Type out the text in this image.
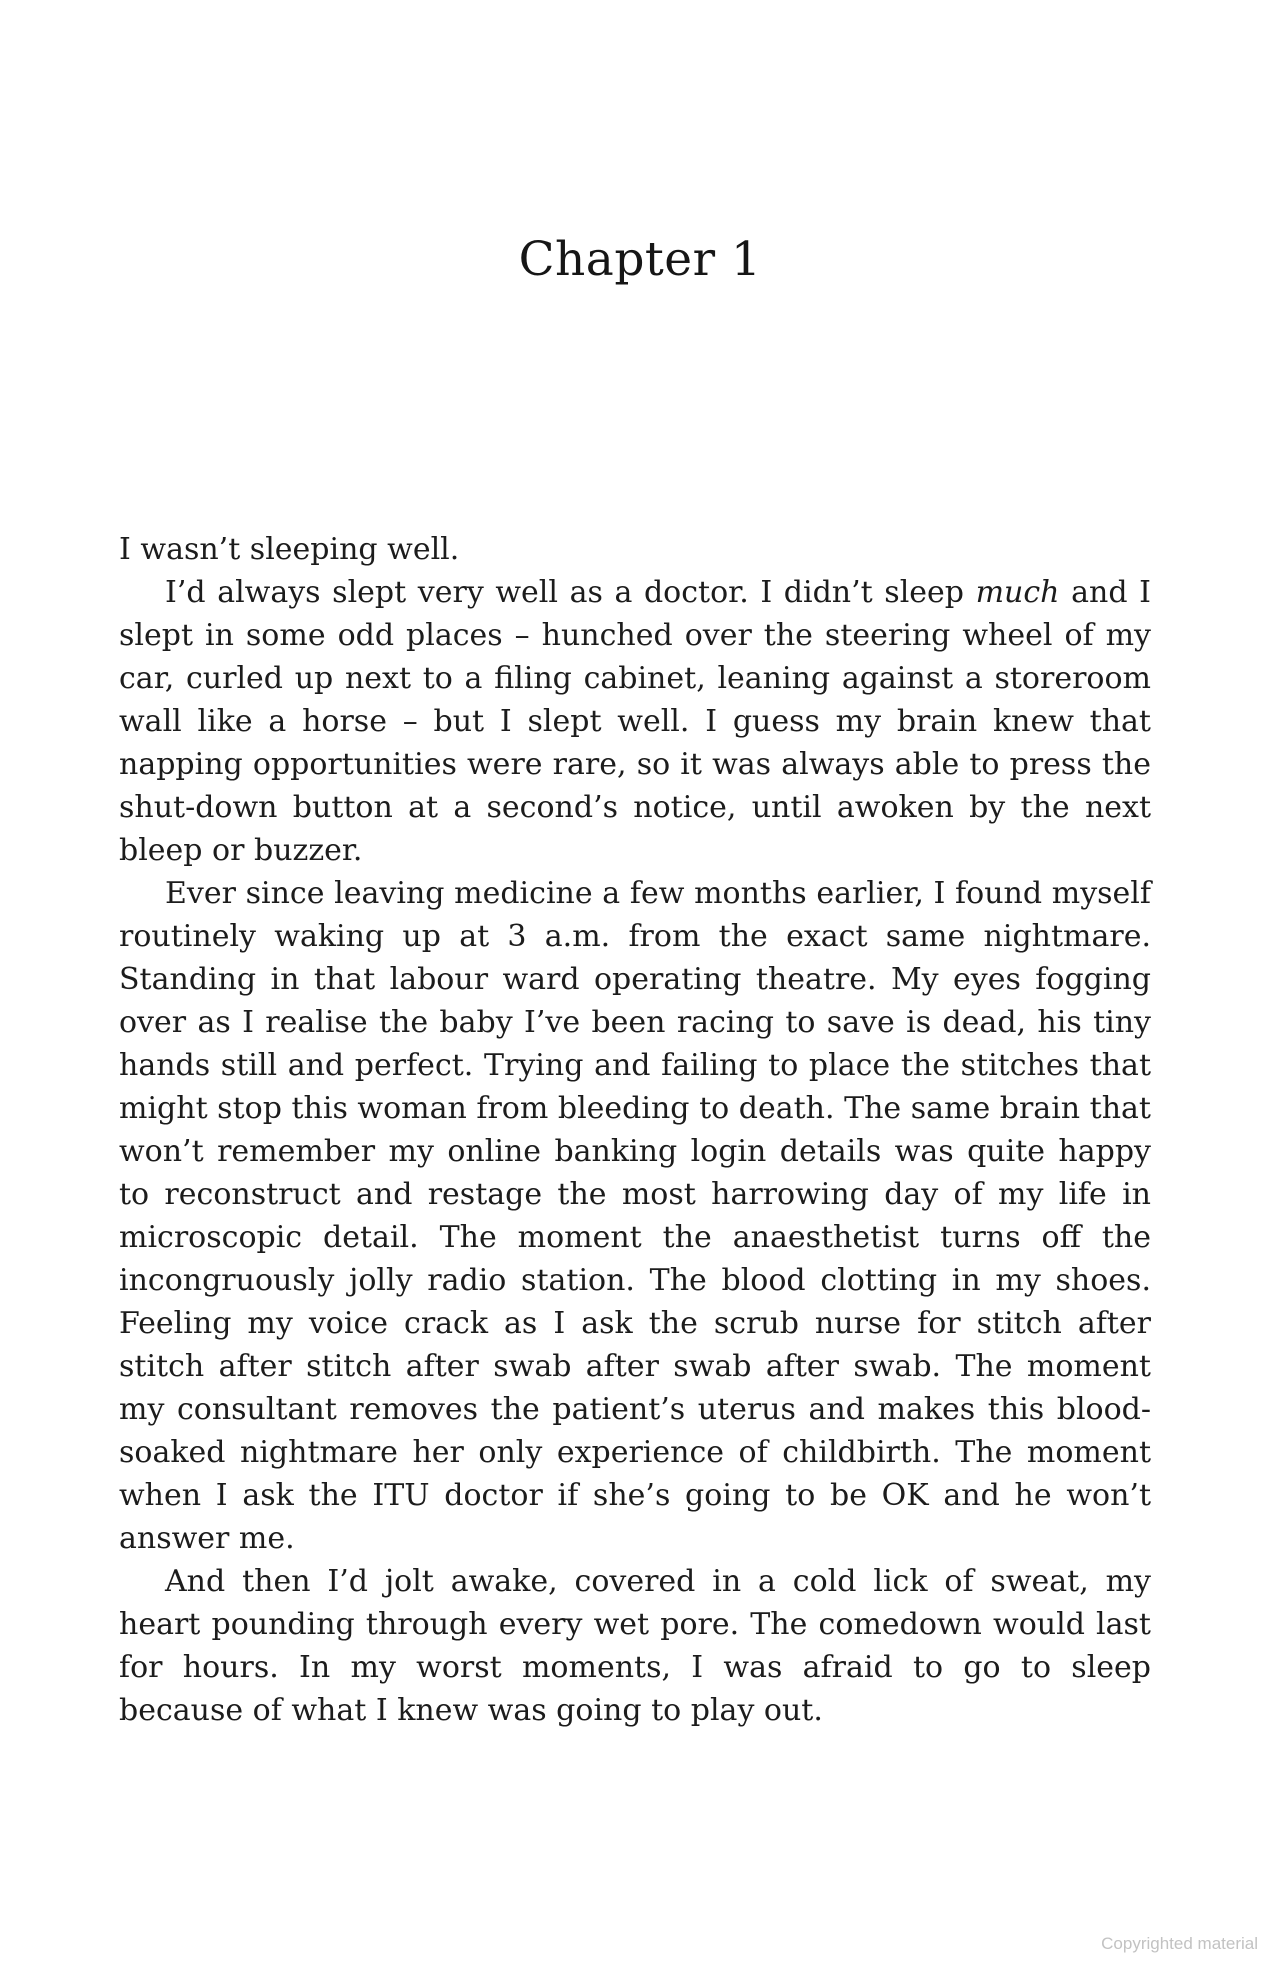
Chapter 1

I wasn’t sleeping well.

I’d always slept very well as a doctor. I didn’t sleep much and I slept in some odd places – hunched over the steering wheel of my car, curled up next to a filing cabinet, leaning against a storeroom wall like a horse – but I slept well. I guess my brain knew that napping opportunities were rare, so it was always able to press the shut-down button at a second’s notice, until awoken by the next bleep or buzzer.

Ever since leaving medicine a few months earlier, I found myself routinely waking up at 3 a.m. from the exact same nightmare. Standing in that labour ward operating theatre. My eyes fogging over as I realise the baby I’ve been racing to save is dead, his tiny hands still and perfect. Trying and failing to place the stitches that might stop this woman from bleeding to death. The same brain that won’t remember my online banking login details was quite happy to reconstruct and restage the most harrowing day of my life in microscopic detail. The moment the anaesthetist turns off the incongruously jolly radio station. The blood clotting in my shoes. Feeling my voice crack as I ask the scrub nurse for stitch after stitch after stitch after swab after swab after swab. The moment my consultant removes the patient’s uterus and makes this blood-soaked nightmare her only experience of childbirth. The moment when I ask the ITU doctor if she’s going to be OK and he won’t answer me.

And then I’d jolt awake, covered in a cold lick of sweat, my heart pounding through every wet pore. The comedown would last for hours. In my worst moments, I was afraid to go to sleep because of what I knew was going to play out.

Copyrighted material
